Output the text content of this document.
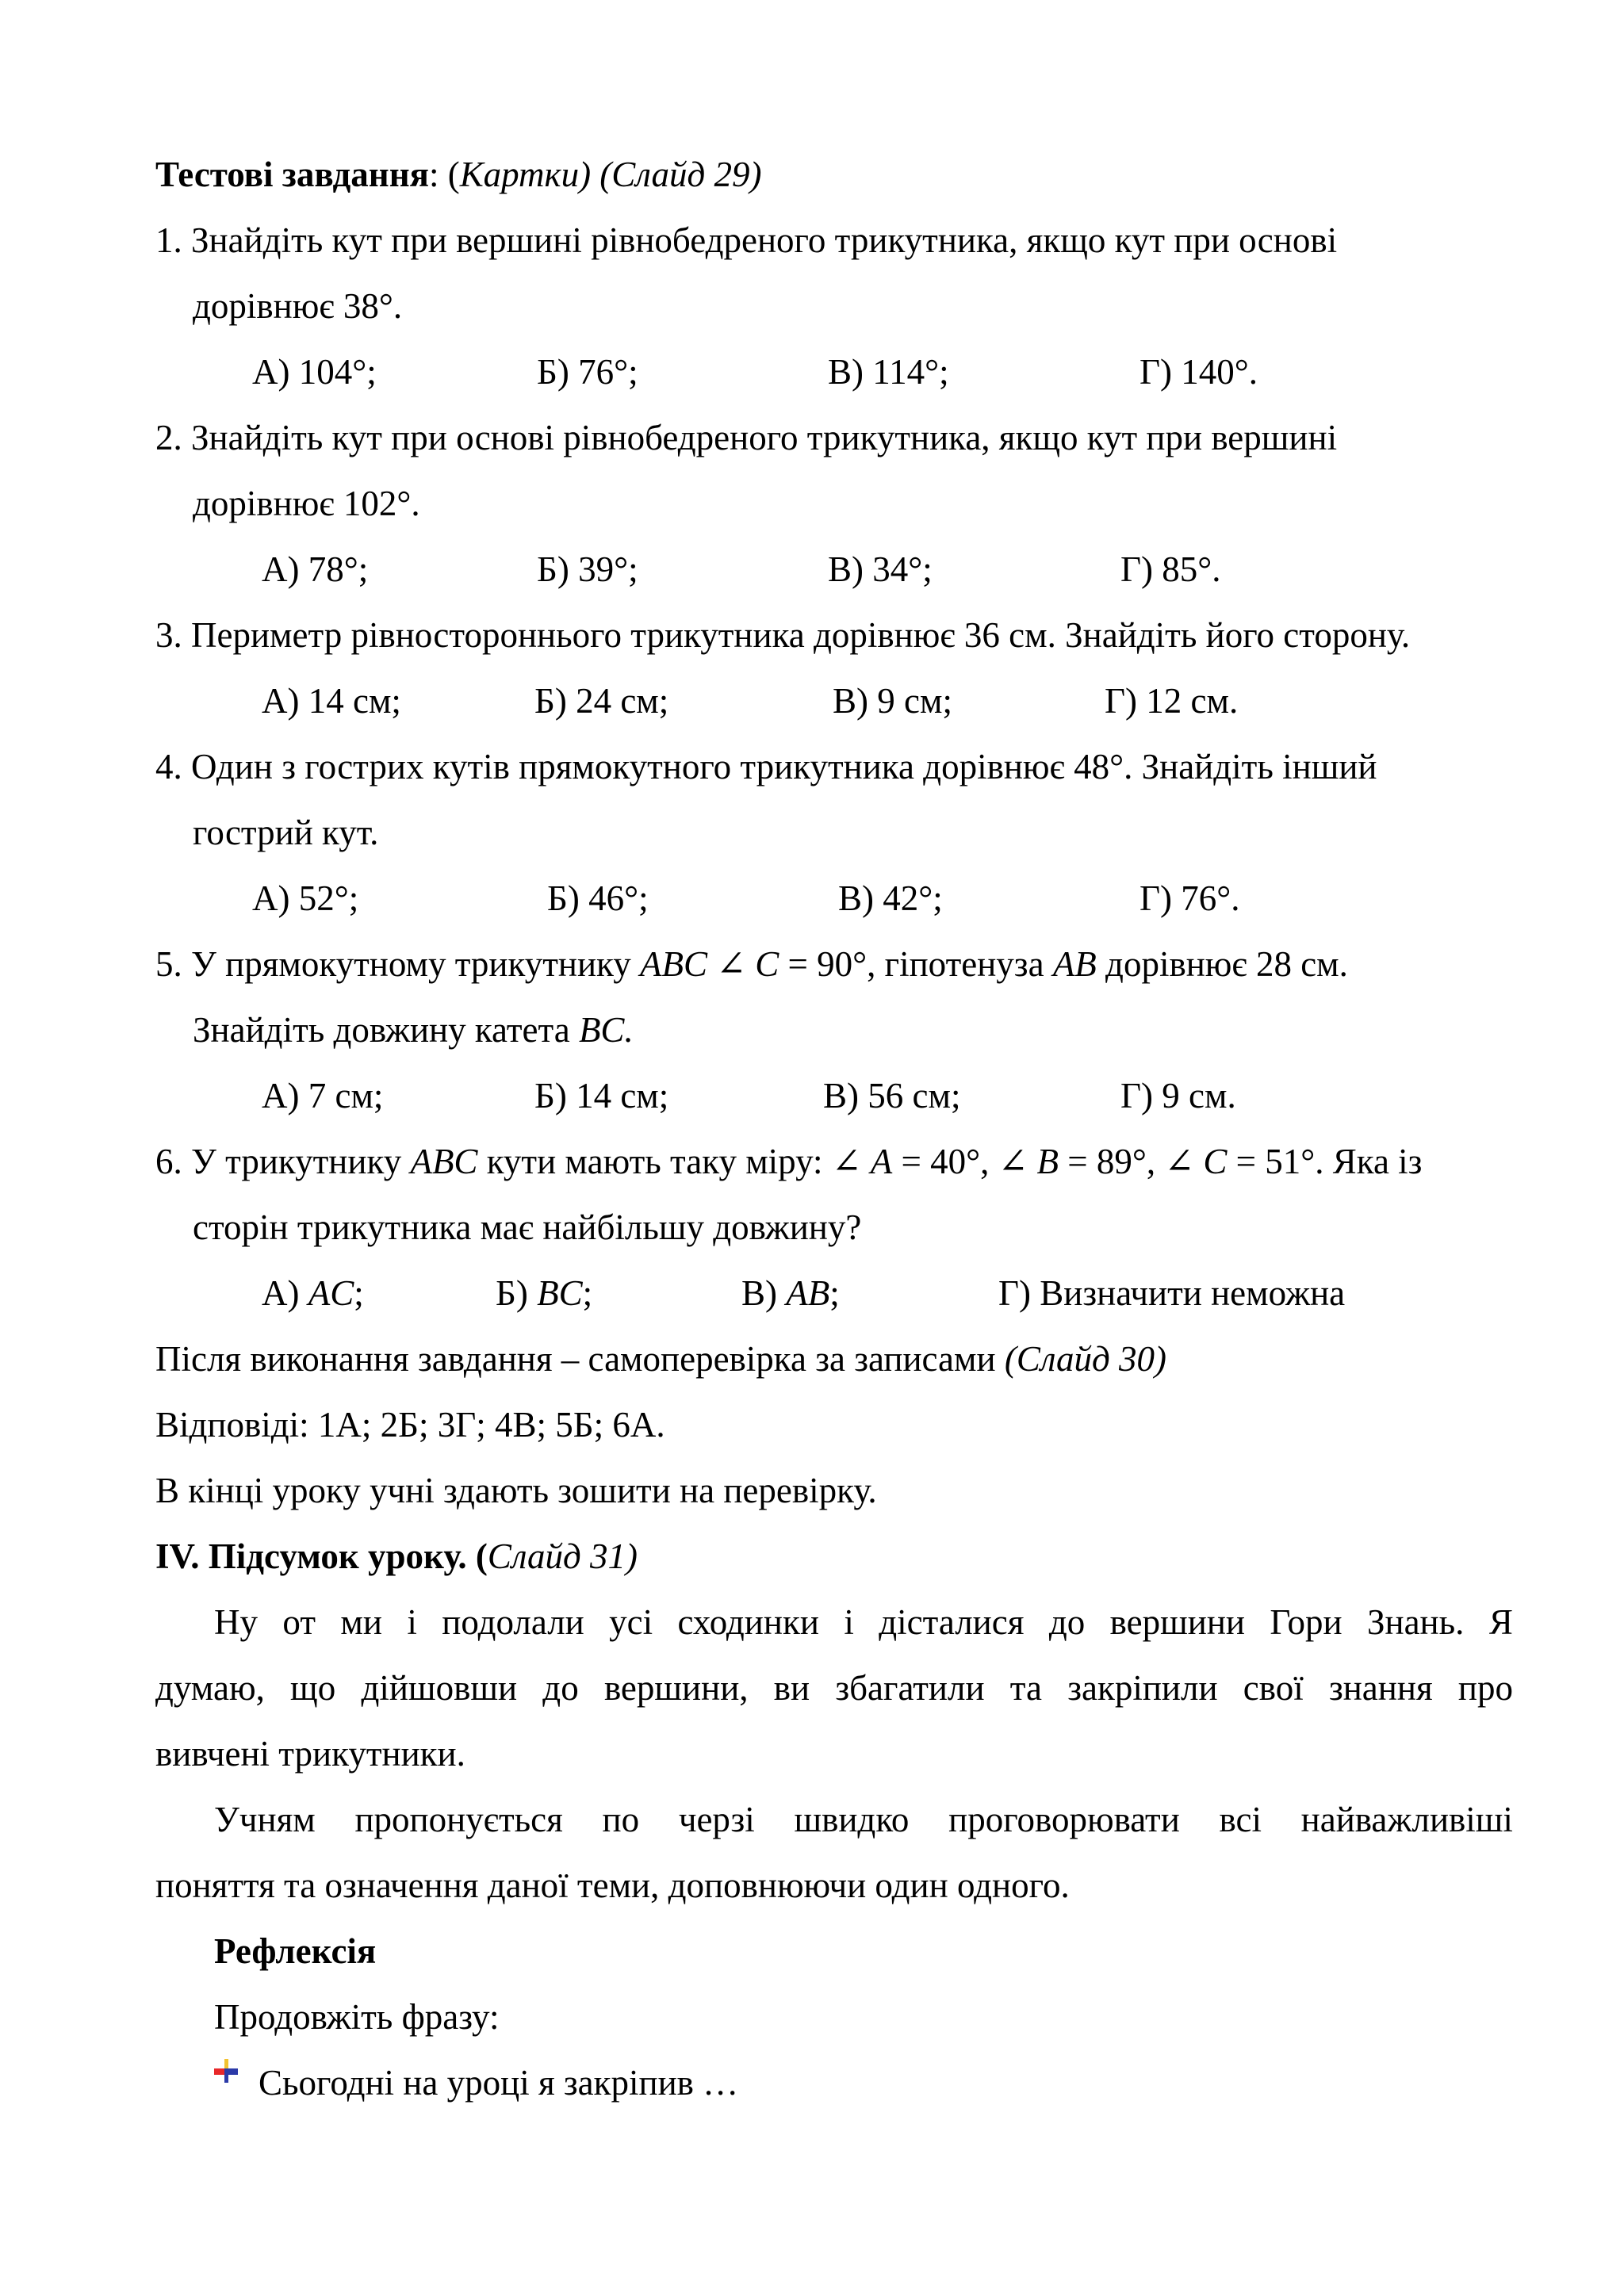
Тестові завдання: (Картки) (Слайд 29)
1. Знайдіть кут при вершині рівнобедреного трикутника, якщо кут при основі
дорівнює 38°.
А) 104°;	Б) 76°;	В) 114°;	Г) 140°.
2. Знайдіть кут при основі рівнобедреного трикутника, якщо кут при вершині
дорівнює 102°.
А) 78°;	Б) 39°;	В) 34°;	Г) 85°.
3. Периметр рівностороннього трикутника дорівнює 36 см. Знайдіть його сторону.
А) 14 см;	Б) 24 см;	В) 9 см;	Г) 12 см.
4. Один з гострих кутів прямокутного трикутника дорівнює 48°. Знайдіть інший
гострий кут.
А) 52°;	Б) 46°;	В) 42°;	Г) 76°.
5. У прямокутному трикутнику ABC ∠ C = 90°, гіпотенуза AB дорівнює 28 см.
Знайдіть довжину катета BC.
А) 7 см;	Б) 14 см;	В) 56 см;	Г) 9 см.
6. У трикутнику ABC кути мають таку міру: ∠ A = 40°, ∠ B = 89°, ∠ C = 51°. Яка із
сторін трикутника має найбільшу довжину?
А) AC;	Б) BC;	В) AB;	Г) Визначити неможна
Після виконання завдання – самоперевірка за записами (Слайд 30)
Відповіді: 1А; 2Б; 3Г; 4В; 5Б; 6А.
В кінці уроку учні здають зошити на перевірку.
IV. Підсумок уроку. (Слайд 31)
Ну от ми і подолали усі сходинки і дісталися до вершини Гори Знань. Я
думаю, що дійшовши до вершини, ви збагатили та закріпили свої знання про
вивчені трикутники.
Учням пропонується по черзі швидко проговорювати всі найважливіші
поняття та означення даної теми, доповнюючи один одного.
Рефлексія
Продовжіть фразу:
Сьогодні на уроці я закріпив …
